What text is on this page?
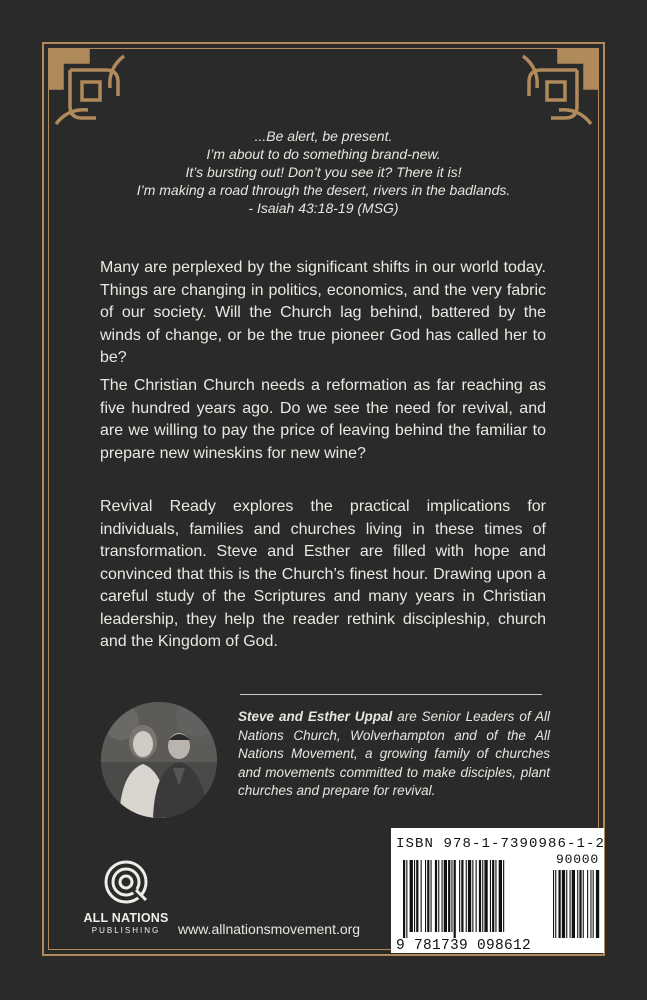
...Be alert, be present.
I’m about to do something brand-new.
It’s bursting out! Don’t you see it? There it is!
I’m making a road through the desert, rivers in the badlands.
- Isaiah 43:18-19 (MSG)
Many are perplexed by the significant shifts in our world today. Things are changing in politics, economics, and the very fabric of our society. Will the Church lag behind, battered by the winds of change, or be the true pioneer God has called her to be?
The Christian Church needs a reformation as far reaching as five hundred years ago. Do we see the need for revival, and are we willing to pay the price of leaving behind the familiar to prepare new wineskins for new wine?
Revival Ready explores the practical implications for individuals, families and churches living in these times of transformation. Steve and Esther are filled with hope and convinced that this is the Church’s finest hour. Drawing upon a careful study of the Scriptures and many years in Christian leadership, they help the reader rethink discipleship, church and the Kingdom of God.
Steve and Esther Uppal are Senior Leaders of All Nations Church, Wolverhampton and of the All Nations Movement, a growing family of churches and movements committed to make disciples, plant churches and prepare for revival.
ALL NATIONS
PUBLISHING	www.allnationsmovement.org
ISBN 978-1-7390986-1-2
90000
9 781739 098612
